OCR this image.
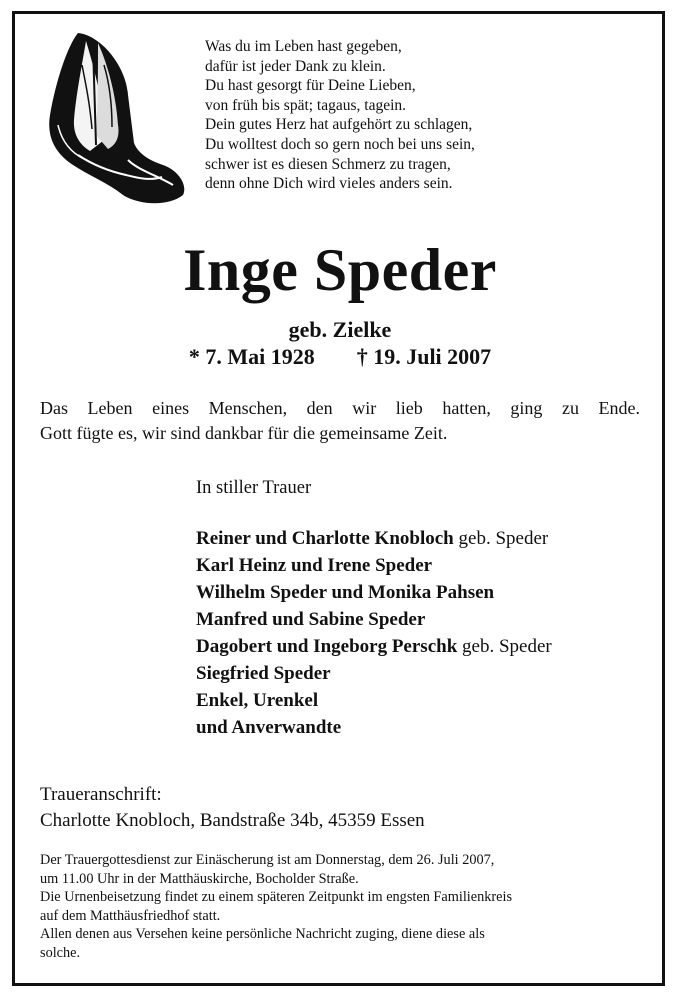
Was du im Leben hast gegeben,
dafür ist jeder Dank zu klein.
Du hast gesorgt für Deine Lieben,
von früh bis spät; tagaus, tagein.
Dein gutes Herz hat aufgehört zu schlagen,
Du wolltest doch so gern noch bei uns sein,
schwer ist es diesen Schmerz zu tragen,
denn ohne Dich wird vieles anders sein.
Inge Speder
geb. Zielke
* 7. Mai 1928 † 19. Juli 2007
Das Leben eines Menschen, den wir lieb hatten, ging zu Ende.
Gott fügte es, wir sind dankbar für die gemeinsame Zeit.
In stiller Trauer
Reiner und Charlotte Knobloch geb. Speder
Karl Heinz und Irene Speder
Wilhelm Speder und Monika Pahsen
Manfred und Sabine Speder
Dagobert und Ingeborg Perschk geb. Speder
Siegfried Speder
Enkel, Urenkel
und Anverwandte
Traueranschrift:
Charlotte Knobloch, Bandstraße 34b, 45359 Essen
Der Trauergottesdienst zur Einäscherung ist am Donnerstag, dem 26. Juli 2007,
um 11.00 Uhr in der Matthäuskirche, Bocholder Straße.
Die Urnenbeisetzung findet zu einem späteren Zeitpunkt im engsten Familienkreis
auf dem Matthäusfriedhof statt.
Allen denen aus Versehen keine persönliche Nachricht zuging, diene diese als
solche.
